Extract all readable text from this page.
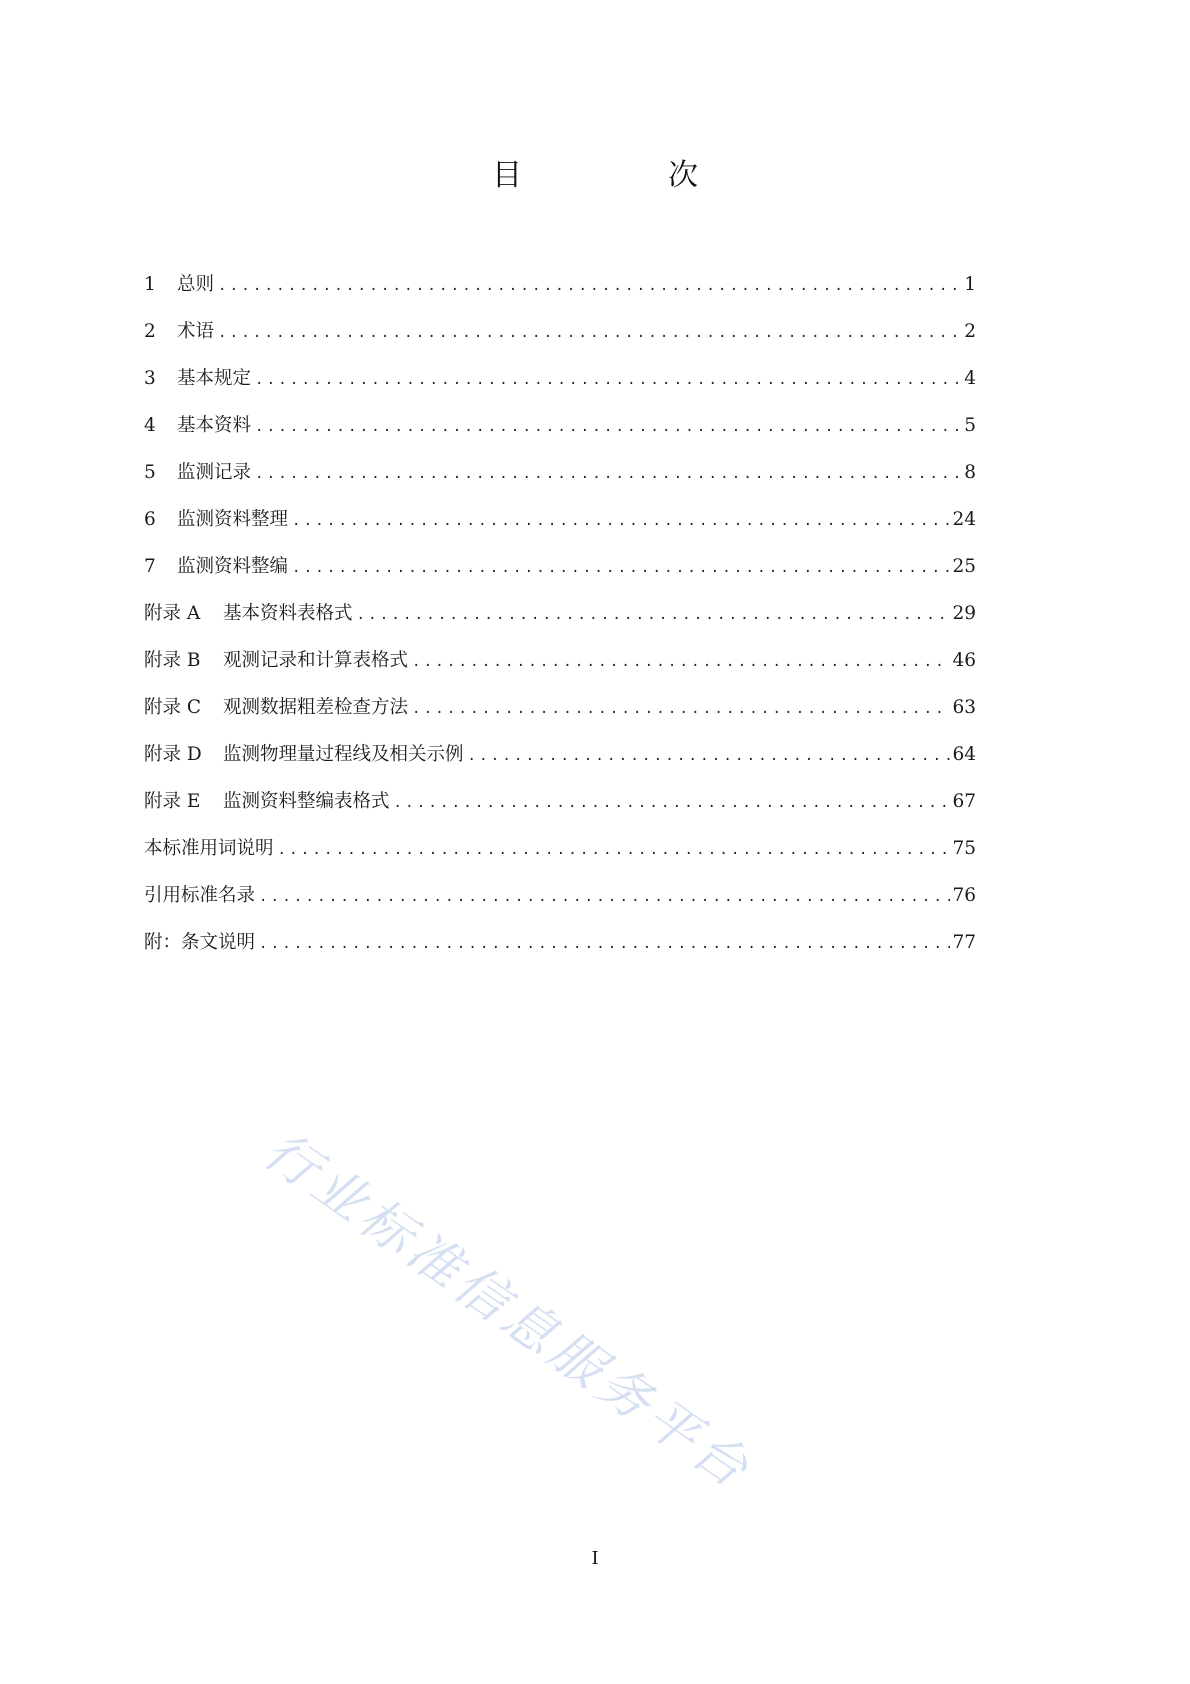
目　次
1	总则 .....	1
2	术语 .....	2
3	基本规定 .....	4
4	基本资料 .....	5
5	监测记录 .....	8
6	监测资料整理 .....	24
7	监测资料整编 .....	25
附录 A	基本资料表格式 .....	29
附录 B	观测记录和计算表格式 .....	46
附录 C	观测数据粗差检查方法 .....	63
附录 D	监测物理量过程线及相关示例 .....	64
附录 E	监测资料整编表格式 .....	67
本标准用词说明 .....	75
引用标准名录 .....	76
附：条文说明 .....	77
行业标准信息服务平台
I
